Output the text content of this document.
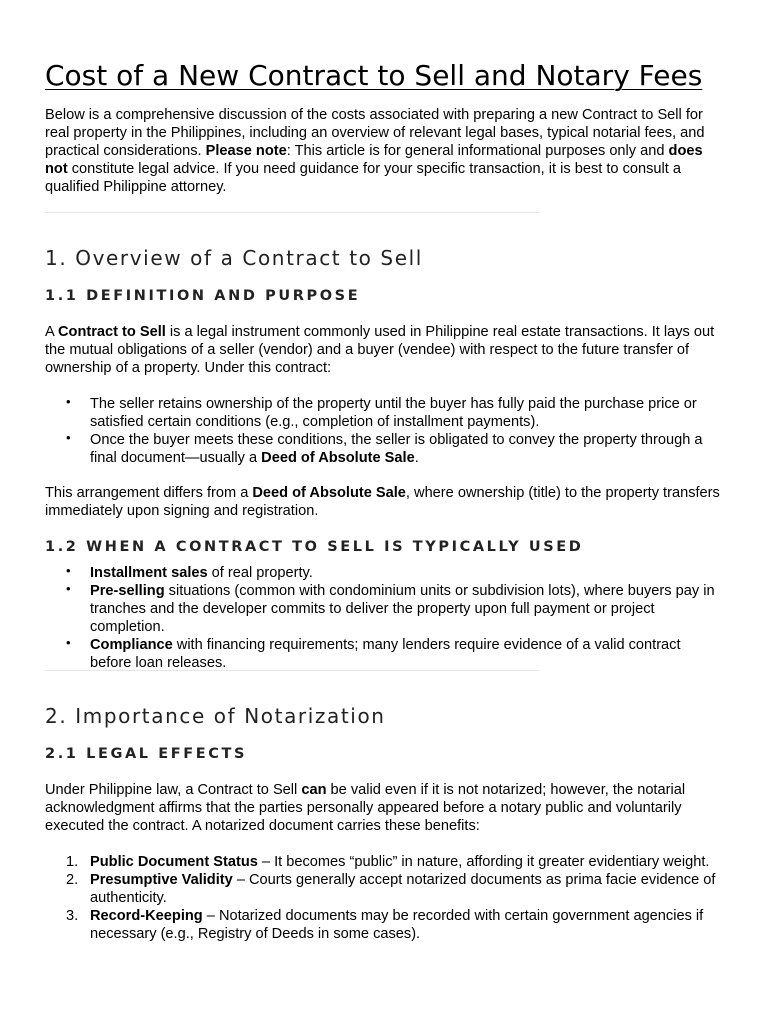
Cost of a New Contract to Sell and Notary Fees

Below is a comprehensive discussion of the costs associated with preparing a new Contract to Sell for real property in the Philippines, including an overview of relevant legal bases, typical notarial fees, and practical considerations. Please note: This article is for general informational purposes only and does not constitute legal advice. If you need guidance for your specific transaction, it is best to consult a qualified Philippine attorney.

1. Overview of a Contract to Sell
1.1 DEFINITION AND PURPOSE

A Contract to Sell is a legal instrument commonly used in Philippine real estate transactions. It lays out the mutual obligations of a seller (vendor) and a buyer (vendee) with respect to the future transfer of ownership of a property. Under this contract:

• The seller retains ownership of the property until the buyer has fully paid the purchase price or satisfied certain conditions (e.g., completion of installment payments).
• Once the buyer meets these conditions, the seller is obligated to convey the property through a final document—usually a Deed of Absolute Sale.

This arrangement differs from a Deed of Absolute Sale, where ownership (title) to the property transfers immediately upon signing and registration.

1.2 WHEN A CONTRACT TO SELL IS TYPICALLY USED
• Installment sales of real property.
• Pre-selling situations (common with condominium units or subdivision lots), where buyers pay in tranches and the developer commits to deliver the property upon full payment or project completion.
• Compliance with financing requirements; many lenders require evidence of a valid contract before loan releases.
2. Importance of Notarization
2.1 LEGAL EFFECTS

Under Philippine law, a Contract to Sell can be valid even if it is not notarized; however, the notarial acknowledgment affirms that the parties personally appeared before a notary public and voluntarily executed the contract. A notarized document carries these benefits:

1. Public Document Status – It becomes “public” in nature, affording it greater evidentiary weight.
2. Presumptive Validity – Courts generally accept notarized documents as prima facie evidence of authenticity.
3. Record-Keeping – Notarized documents may be recorded with certain government agencies if necessary (e.g., Registry of Deeds in some cases).
